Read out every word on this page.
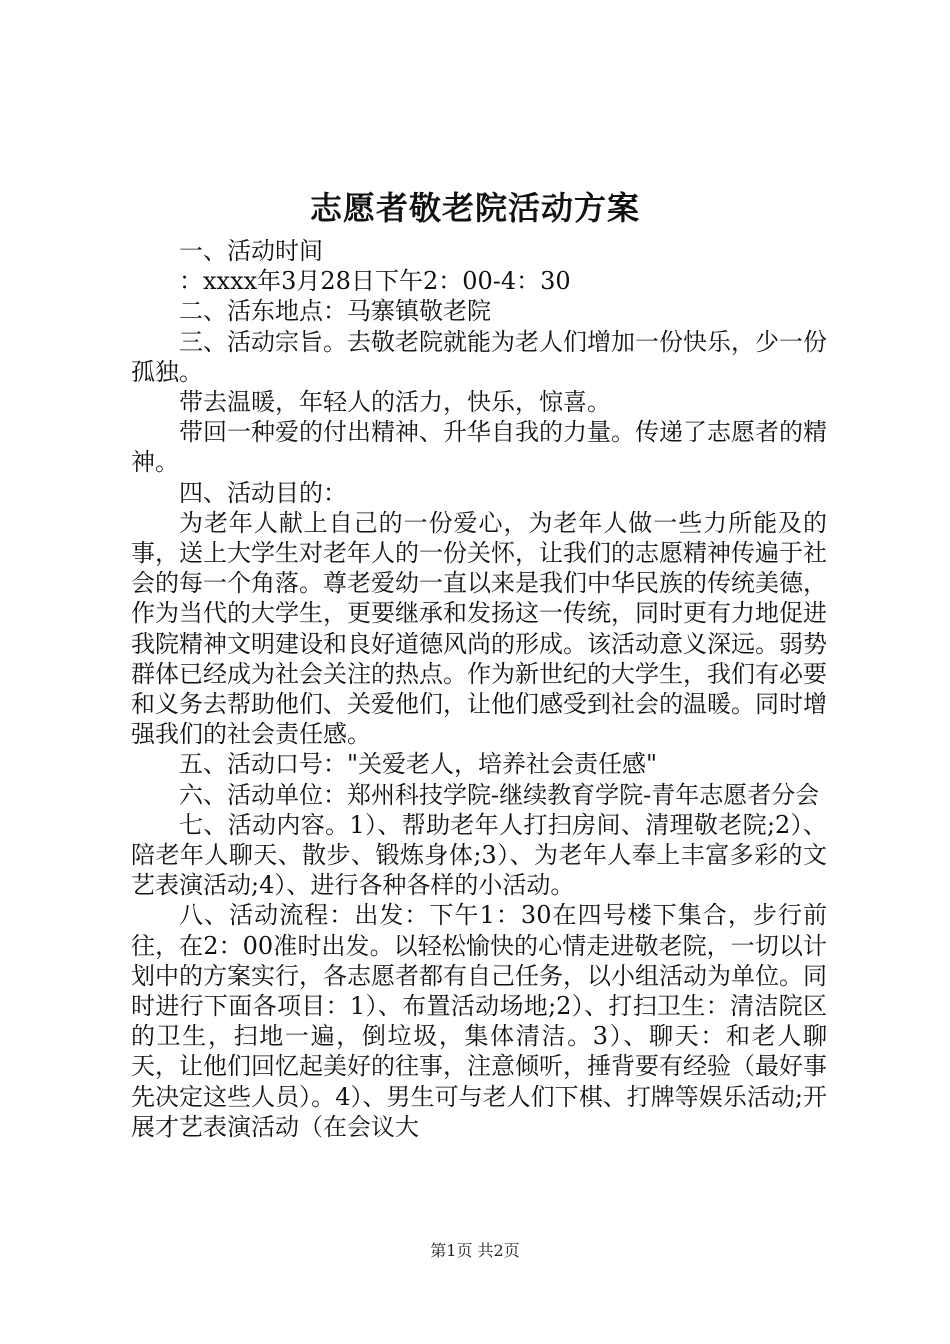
志愿者敬老院活动方案

一、活动时间

：xxxx年3月28日下午2：00-4：30

二、活东地点：马寨镇敬老院

三、活动宗旨。去敬老院就能为老人们增加一份快乐，少一份孤独。

带去温暖，年轻人的活力，快乐，惊喜。

带回一种爱的付出精神、升华自我的力量。传递了志愿者的精神。

四、活动目的：

为老年人献上自己的一份爱心，为老年人做一些力所能及的事，送上大学生对老年人的一份关怀，让我们的志愿精神传遍于社会的每一个角落。尊老爱幼一直以来是我们中华民族的传统美德，作为当代的大学生，更要继承和发扬这一传统，同时更有力地促进我院精神文明建设和良好道德风尚的形成。该活动意义深远。弱势群体已经成为社会关注的热点。作为新世纪的大学生，我们有必要和义务去帮助他们、关爱他们，让他们感受到社会的温暖。同时增强我们的社会责任感。

五、活动口号："关爱老人，培养社会责任感"

六、活动单位：郑州科技学院-继续教育学院-青年志愿者分会

七、活动内容。1）、帮助老年人打扫房间、清理敬老院;2）、陪老年人聊天、散步、锻炼身体;3）、为老年人奉上丰富多彩的文艺表演活动;4）、进行各种各样的小活动。

八、活动流程：出发：下午1：30在四号楼下集合，步行前往，在2：00准时出发。以轻松愉快的心情走进敬老院，一切以计划中的方案实行，各志愿者都有自己任务，以小组活动为单位。同时进行下面各项目：1）、布置活动场地;2）、打扫卫生：清洁院区的卫生，扫地一遍，倒垃圾，集体清洁。3）、聊天：和老人聊天，让他们回忆起美好的往事，注意倾听，捶背要有经验（最好事先决定这些人员）。4）、男生可与老人们下棋、打牌等娱乐活动;开展才艺表演活动（在会议大

第1页 共2页
